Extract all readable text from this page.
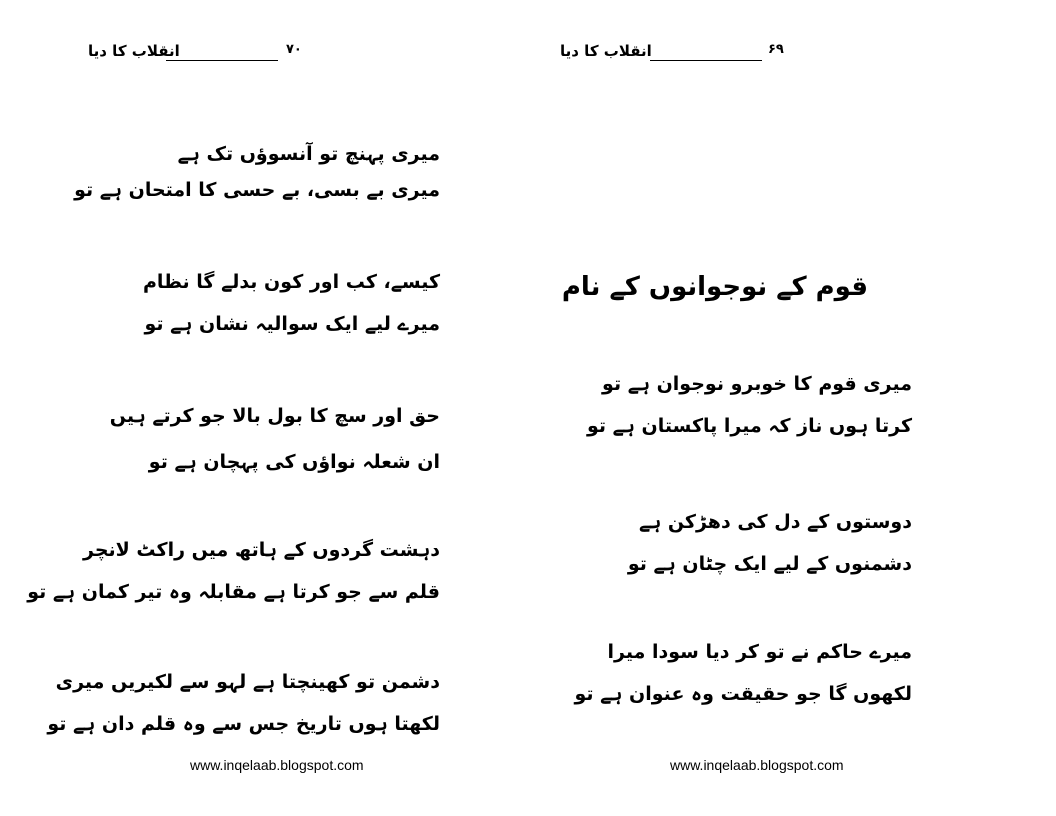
انقلاب کا دیا	۷۰
میری پہنچ تو آنسوؤں تک ہے
میری بے بسی، بے حسی کا امتحان ہے تو
کیسے، کب اور کون بدلے گا نظام
میرے لیے ایک سوالیہ نشان ہے تو
حق اور سچ کا بول بالا جو کرتے ہیں
ان شعلہ نواؤں کی پہچان ہے تو
دہشت گردوں کے ہاتھ میں راکٹ لانچر
قلم سے جو کرتا ہے مقابلہ وہ تیر کمان ہے تو
دشمن تو کھینچتا ہے لہو سے لکیریں میری
لکھتا ہوں تاریخ جس سے وہ قلم دان ہے تو
www.inqelaab.blogspot.com
انقلاب کا دیا	۶۹
قوم کے نوجوانوں کے نام
میری قوم کا خوبرو نوجوان ہے تو
کرتا ہوں ناز کہ میرا پاکستان ہے تو
دوستوں کے دل کی دھڑکن ہے
دشمنوں کے لیے ایک چٹان ہے تو
میرے حاکم نے تو کر دیا سودا میرا
لکھوں گا جو حقیقت وہ عنوان ہے تو
www.inqelaab.blogspot.com
